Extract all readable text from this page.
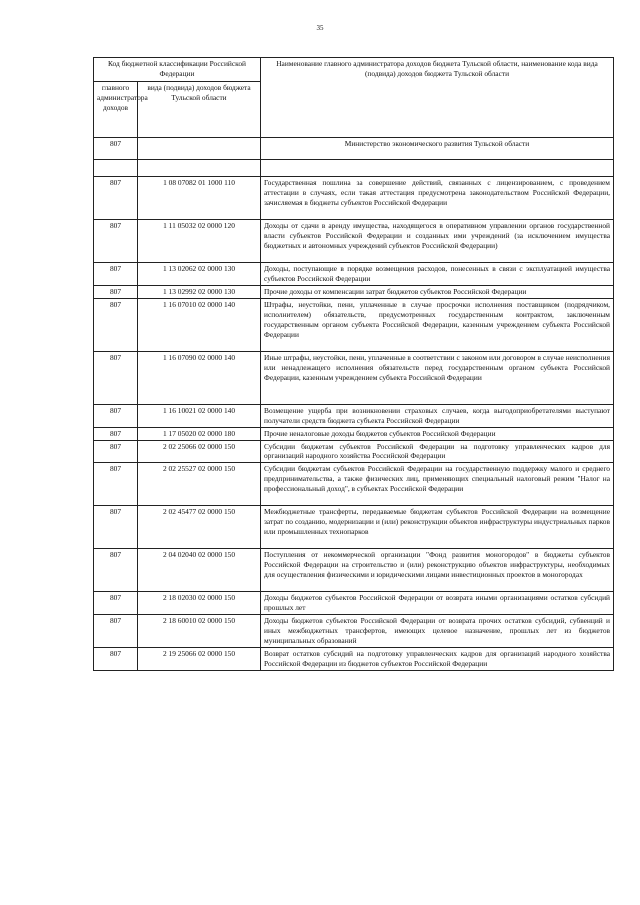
35
Код бюджетной классификации Российской Федерации		Наименование главного администратора доходов бюджета Тульской области, наименование кода вида (подвида) доходов бюджета Тульской области
главного администратора доходов	вида (подвида) доходов бюджета Тульской области	
807		Министерство экономического развития Тульской области

807	1 08 07082 01 1000 110	Государственная пошлина за совершение действий, связанных с лицензированием, с проведением аттестации в случаях, если такая аттестация предусмотрена законодательством Российской Федерации, зачисляемая в бюджеты субъектов Российской Федерации
807	1 11 05032 02 0000 120	Доходы от сдачи в аренду имущества, находящегося в оперативном управлении органов государственной власти субъектов Российской Федерации и созданных ими учреждений (за исключением имущества бюджетных и автономных учреждений субъектов Российской Федерации)
807	1 13 02062 02 0000 130	Доходы, поступающие в порядке возмещения расходов, понесенных в связи с эксплуатацией имущества субъектов Российской Федерации
807	1 13 02992 02 0000 130	Прочие доходы от компенсации затрат бюджетов субъектов Российской Федерации
807	1 16 07010 02 0000 140	Штрафы, неустойки, пени, уплаченные в случае просрочки исполнения поставщиком (подрядчиком, исполнителем) обязательств, предусмотренных государственным контрактом, заключенным государственным органом субъекта Российской Федерации, казенным учреждением субъекта Российской Федерации
807	1 16 07090 02 0000 140	Иные штрафы, неустойки, пени, уплаченные в соответствии с законом или договором в случае неисполнения или ненадлежащего исполнения обязательств перед государственным органом субъекта Российской Федерации, казенным учреждением субъекта Российской Федерации
807	1 16 10021 02 0000 140	Возмещение ущерба при возникновении страховых случаев, когда выгодоприобретателями выступают получатели средств бюджета субъекта Российской Федерации
807	1 17 05020 02 0000 180	Прочие неналоговые доходы бюджетов субъектов Российской Федерации
807	2 02 25066 02 0000 150	Субсидии бюджетам субъектов Российской Федерации на подготовку управленческих кадров для организаций народного хозяйства Российской Федерации
807	2 02 25527 02 0000 150	Субсидии бюджетам субъектов Российской Федерации на государственную поддержку малого и среднего предпринимательства, а также физических лиц, применяющих специальный налоговый режим "Налог на профессиональный доход", в субъектах Российской Федерации
807	2 02 45477 02 0000 150	Межбюджетные трансферты, передаваемые бюджетам субъектов Российской Федерации на возмещение затрат по созданию, модернизации и (или) реконструкции объектов инфраструктуры индустриальных парков или промышленных технопарков
807	2 04 02040 02 0000 150	Поступления от некоммерческой организации "Фонд развития моногородов" в бюджеты субъектов Российской Федерации на строительство и (или) реконструкцию объектов инфраструктуры, необходимых для осуществления физическими и юридическими лицами инвестиционных проектов в моногородах
807	2 18 02030 02 0000 150	Доходы бюджетов субъектов Российской Федерации от возврата иными организациями остатков субсидий прошлых лет
807	2 18 60010 02 0000 150	Доходы бюджетов субъектов Российской Федерации от возврата прочих остатков субсидий, субвенций и иных межбюджетных трансфертов, имеющих целевое назначение, прошлых лет из бюджетов муниципальных образований
807	2 19 25066 02 0000 150	Возврат остатков субсидий на подготовку управленческих кадров для организаций народного хозяйства Российской Федерации из бюджетов субъектов Российской Федерации
